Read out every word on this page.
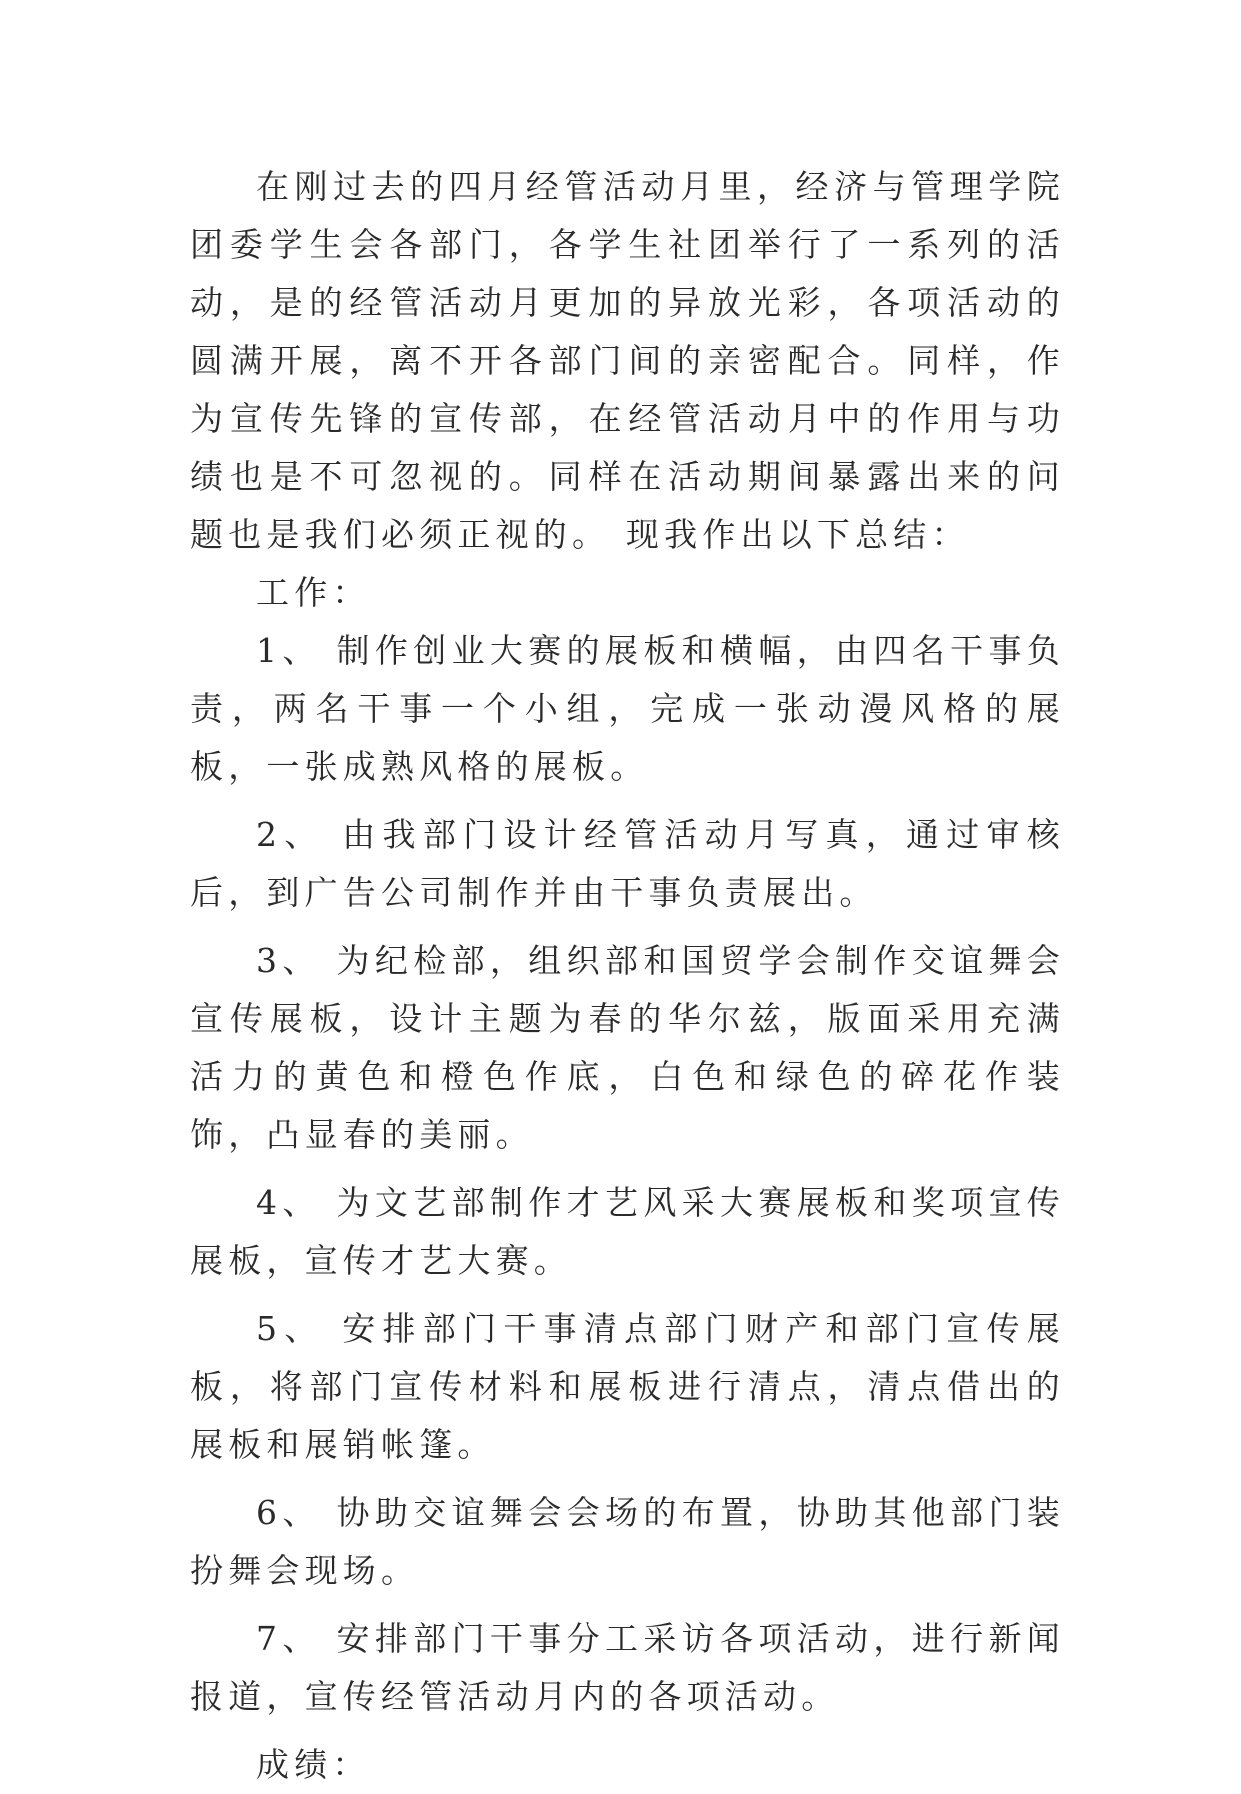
在刚过去的四月经管活动月里，经济与管理学院团委学生会各部门，各学生社团举行了一系列的活动，是的经管活动月更加的异放光彩，各项活动的圆满开展，离不开各部门间的亲密配合。同样，作为宣传先锋的宣传部，在经管活动月中的作用与功绩也是不可忽视的。同样在活动期间暴露出来的问题也是我们必须正视的。 现我作出以下总结：

工作：

1、 制作创业大赛的展板和横幅，由四名干事负责，两名干事一个小组，完成一张动漫风格的展板，一张成熟风格的展板。

2、 由我部门设计经管活动月写真，通过审核后，到广告公司制作并由干事负责展出。

3、 为纪检部，组织部和国贸学会制作交谊舞会宣传展板，设计主题为春的华尔兹，版面采用充满活力的黄色和橙色作底，白色和绿色的碎花作装饰，凸显春的美丽。

4、 为文艺部制作才艺风采大赛展板和奖项宣传展板，宣传才艺大赛。

5、 安排部门干事清点部门财产和部门宣传展板，将部门宣传材料和展板进行清点，清点借出的展板和展销帐篷。

6、 协助交谊舞会会场的布置，协助其他部门装扮舞会现场。

7、 安排部门干事分工采访各项活动，进行新闻报道，宣传经管活动月内的各项活动。

成绩：
